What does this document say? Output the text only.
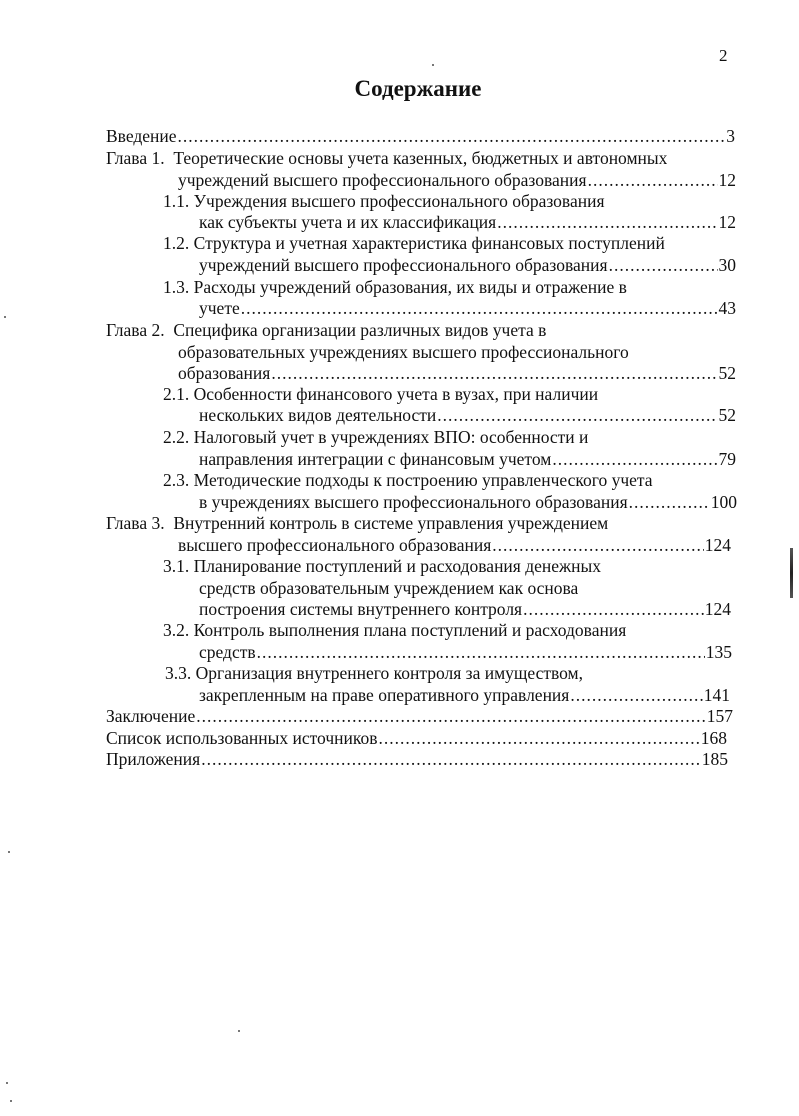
2
Содержание
Введение .....	3
Глава 1. Теоретические основы учета казенных, бюджетных и автономных
учреждений высшего профессионального образования .....	12
1.1. Учреждения высшего профессионального образования
как субъекты учета и их классификация .....	12
1.2. Структура и учетная характеристика финансовых поступлений
учреждений высшего профессионального образования .....	30
1.3. Расходы учреждений образования, их виды и отражение в
учете .....	43
Глава 2. Специфика организации различных видов учета в
образовательных учреждениях высшего профессионального
образования .....	52
2.1. Особенности финансового учета в вузах, при наличии
нескольких видов деятельности .....	52
2.2. Налоговый учет в учреждениях ВПО: особенности и
направления интеграции с финансовым учетом .....	79
2.3. Методические подходы к построению управленческого учета
в учреждениях высшего профессионального образования .....	100
Глава 3. Внутренний контроль в системе управления учреждением
высшего профессионального образования .....	124
3.1. Планирование поступлений и расходования денежных
средств образовательным учреждением как основа
построения системы внутреннего контроля .....	124
3.2. Контроль выполнения плана поступлений и расходования
средств .....	135
3.3. Организация внутреннего контроля за имуществом,
закрепленным на праве оперативного управления .....	141
Заключение .....	157
Список использованных источников .....	168
Приложения .....	185
